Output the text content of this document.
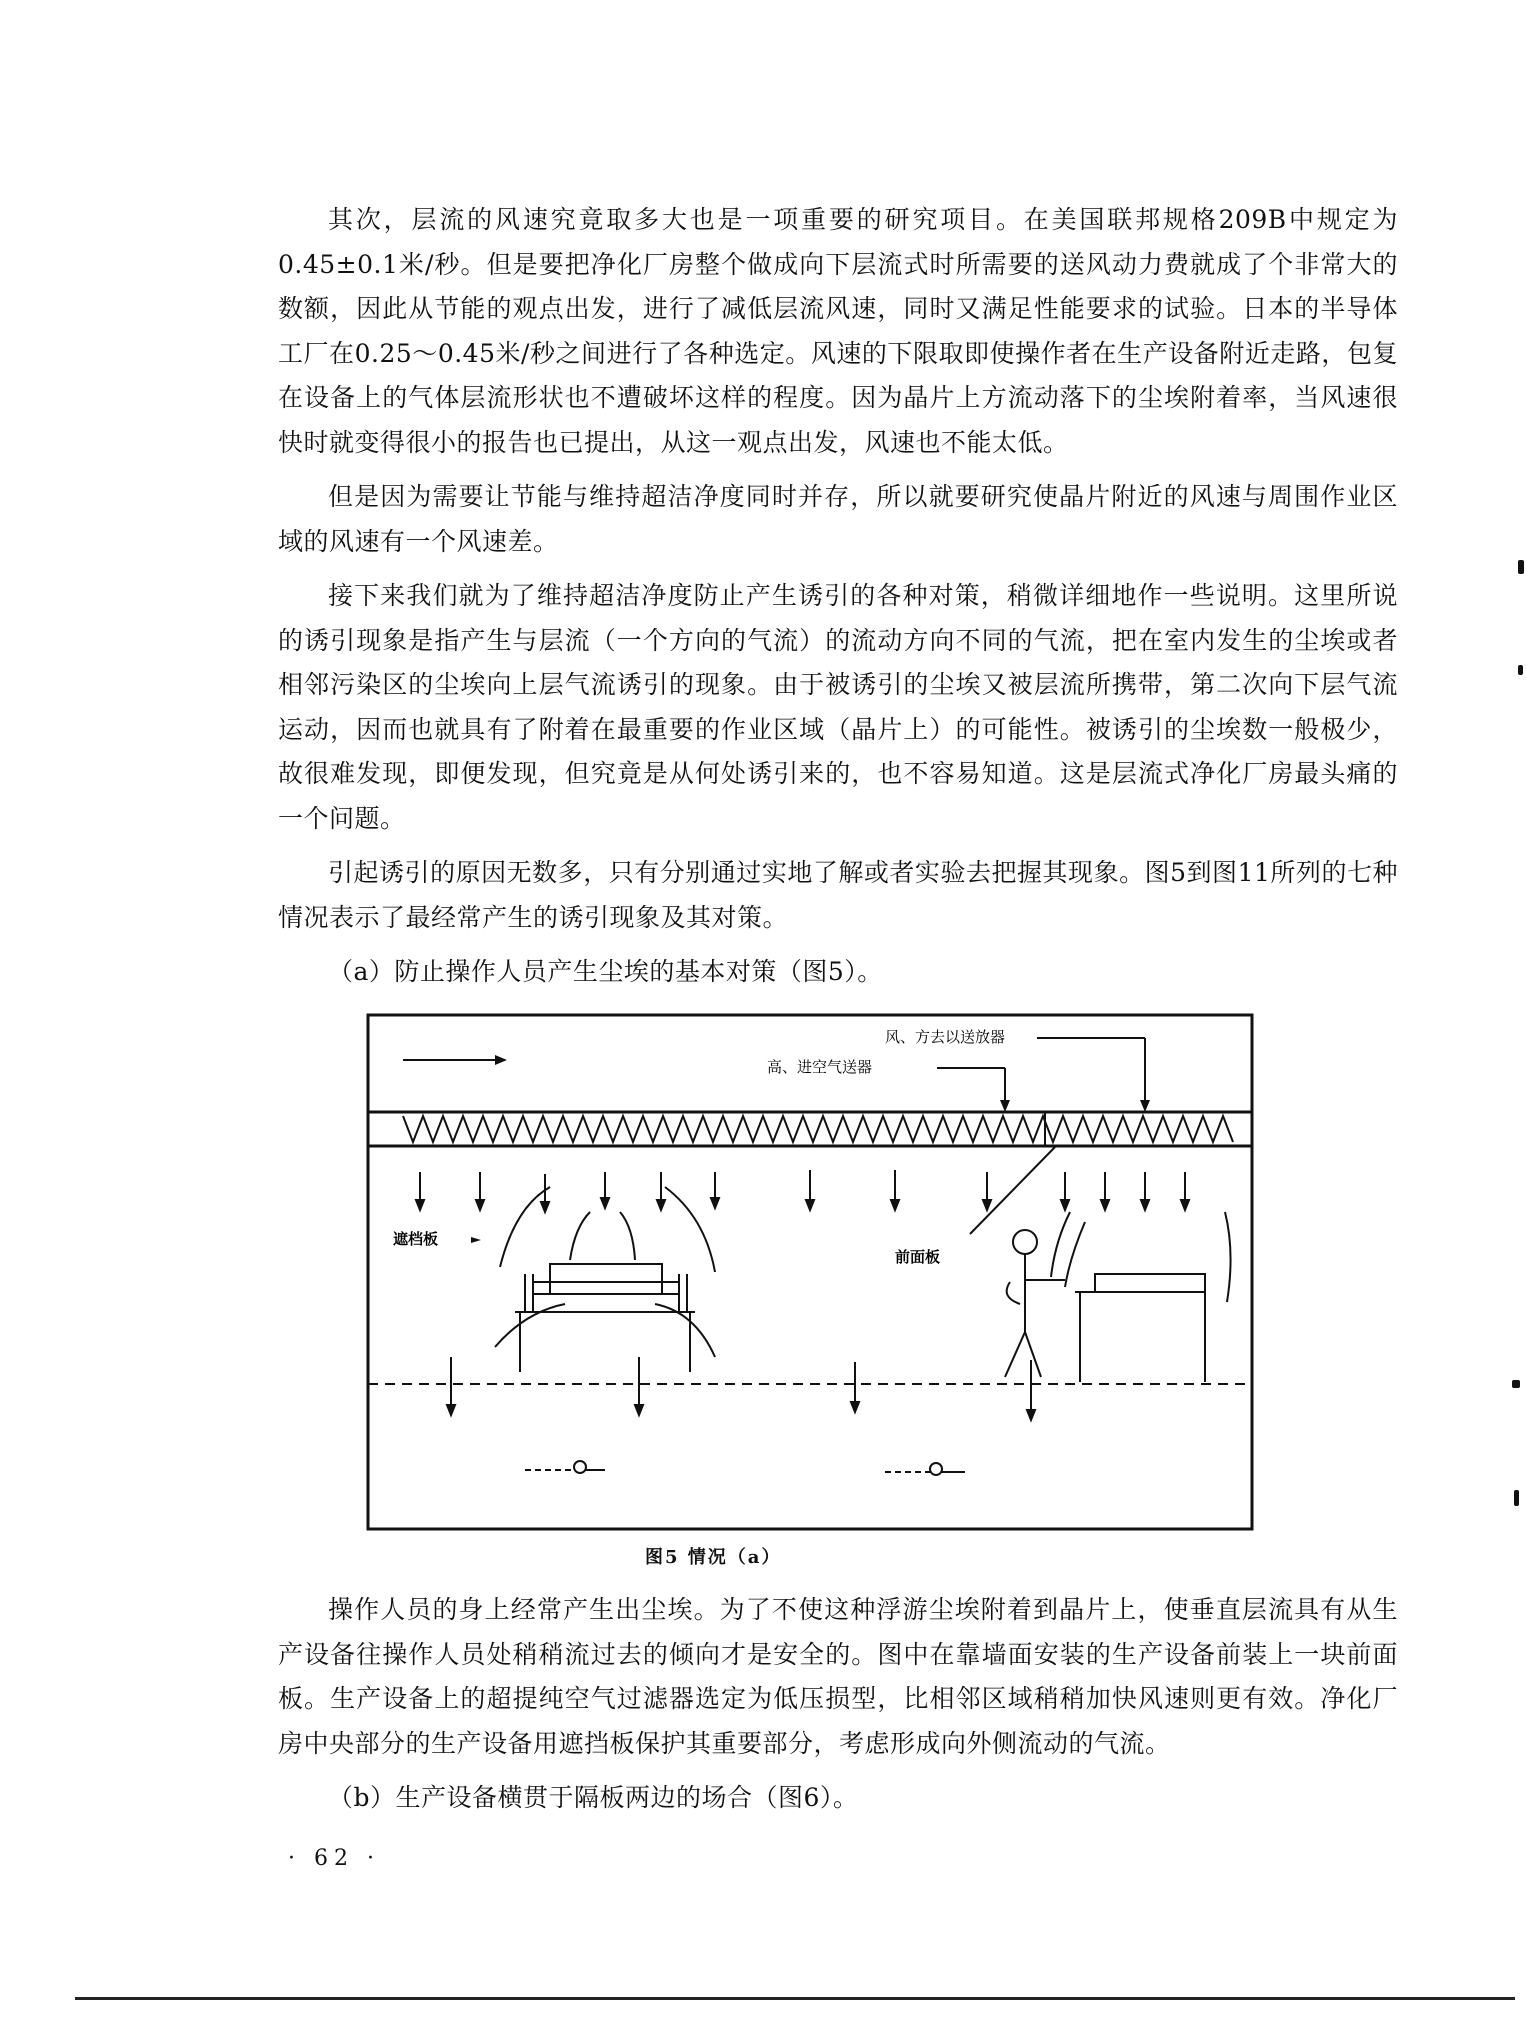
其次，层流的风速究竟取多大也是一项重要的研究项目。在美国联邦规格209B中规定为0.45±0.1米/秒。但是要把净化厂房整个做成向下层流式时所需要的送风动力费就成了个非常大的数额，因此从节能的观点出发，进行了减低层流风速，同时又满足性能要求的试验。日本的半导体工厂在0.25～0.45米/秒之间进行了各种选定。风速的下限取即使操作者在生产设备附近走路，包复在设备上的气体层流形状也不遭破坏这样的程度。因为晶片上方流动落下的尘埃附着率，当风速很快时就变得很小的报告也已提出，从这一观点出发，风速也不能太低。

但是因为需要让节能与维持超洁净度同时并存，所以就要研究使晶片附近的风速与周围作业区域的风速有一个风速差。

接下来我们就为了维持超洁净度防止产生诱引的各种对策，稍微详细地作一些说明。这里所说的诱引现象是指产生与层流（一个方向的气流）的流动方向不同的气流，把在室内发生的尘埃或者相邻污染区的尘埃向上层气流诱引的现象。由于被诱引的尘埃又被层流所携带，第二次向下层气流运动，因而也就具有了附着在最重要的作业区域（晶片上）的可能性。被诱引的尘埃数一般极少，故很难发现，即便发现，但究竟是从何处诱引来的，也不容易知道。这是层流式净化厂房最头痛的一个问题。

引起诱引的原因无数多，只有分别通过实地了解或者实验去把握其现象。图5到图11所列的七种情况表示了最经常产生的诱引现象及其对策。

（a）防止操作人员产生尘埃的基本对策（图5）。

风、方去以送放器
高、进空气送器
遮档板
前面板
图5 情况（a）

操作人员的身上经常产生出尘埃。为了不使这种浮游尘埃附着到晶片上，使垂直层流具有从生产设备往操作人员处稍稍流过去的倾向才是安全的。图中在靠墙面安装的生产设备前装上一块前面板。生产设备上的超提纯空气过滤器选定为低压损型，比相邻区域稍稍加快风速则更有效。净化厂房中央部分的生产设备用遮挡板保护其重要部分，考虑形成向外侧流动的气流。

（b）生产设备横贯于隔板两边的场合（图6）。

· 62 ·
